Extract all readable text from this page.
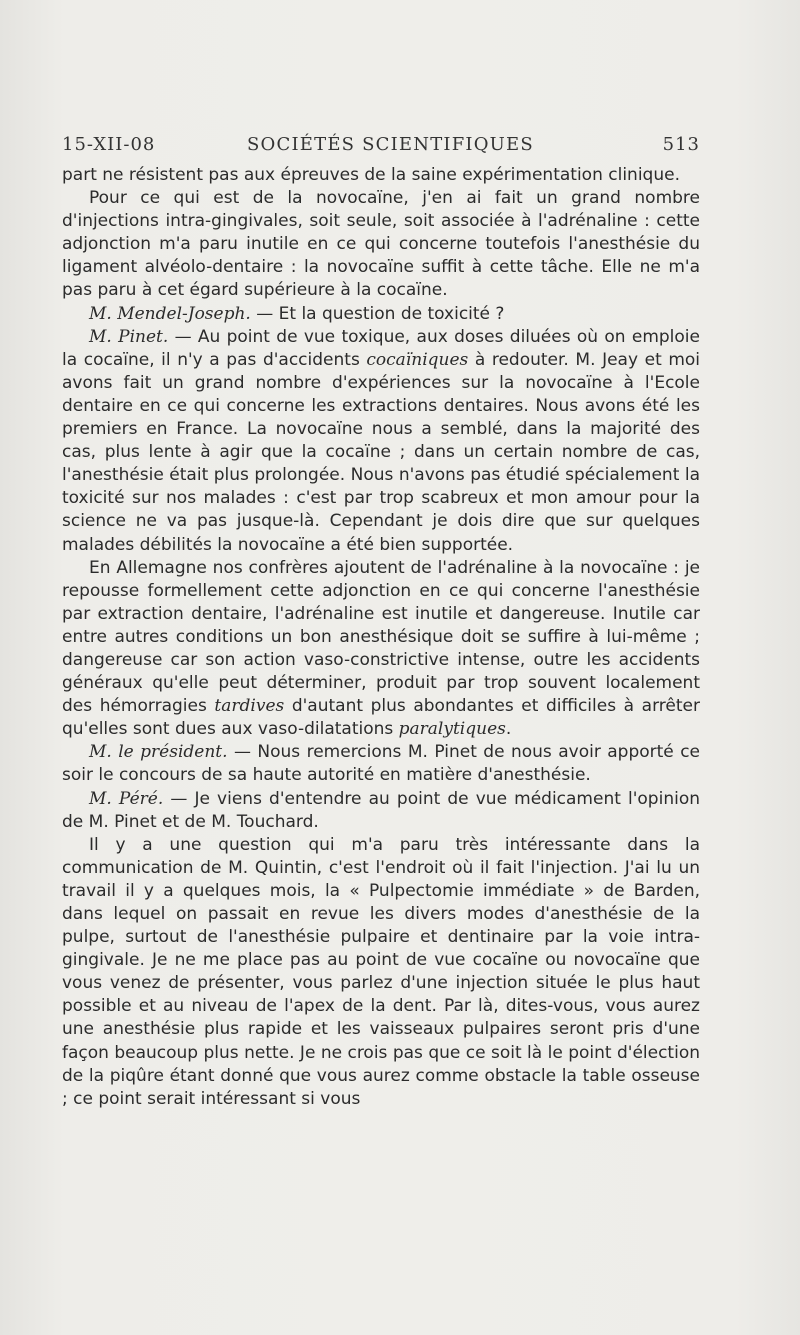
15-XII-08	SOCIÉTÉS SCIENTIFIQUES	513

part ne résistent pas aux épreuves de la saine expérimentation clinique.

Pour ce qui est de la novocaïne, j'en ai fait un grand nombre d'injections intra-gingivales, soit seule, soit associée à l'adrénaline : cette adjonction m'a paru inutile en ce qui concerne toutefois l'anesthésie du ligament alvéolo-dentaire : la novocaïne suffit à cette tâche. Elle ne m'a pas paru à cet égard supérieure à la cocaïne.

M. Mendel-Joseph. — Et la question de toxicité ?

M. Pinet. — Au point de vue toxique, aux doses diluées où on emploie la cocaïne, il n'y a pas d'accidents cocaïniques à redouter. M. Jeay et moi avons fait un grand nombre d'expériences sur la novocaïne à l'Ecole dentaire en ce qui concerne les extractions dentaires. Nous avons été les premiers en France. La novocaïne nous a semblé, dans la majorité des cas, plus lente à agir que la cocaïne ; dans un certain nombre de cas, l'anesthésie était plus prolongée. Nous n'avons pas étudié spécialement la toxicité sur nos malades : c'est par trop scabreux et mon amour pour la science ne va pas jusque-là. Cependant je dois dire que sur quelques malades débilités la novocaïne a été bien supportée.

En Allemagne nos confrères ajoutent de l'adrénaline à la novocaïne : je repousse formellement cette adjonction en ce qui concerne l'anesthésie par extraction dentaire, l'adrénaline est inutile et dangereuse. Inutile car entre autres conditions un bon anesthésique doit se suffire à lui-même ; dangereuse car son action vaso-constrictive intense, outre les accidents généraux qu'elle peut déterminer, produit par trop souvent localement des hémorragies tardives d'autant plus abondantes et difficiles à arrêter qu'elles sont dues aux vaso-dilatations paralytiques.

M. le président. — Nous remercions M. Pinet de nous avoir apporté ce soir le concours de sa haute autorité en matière d'anesthésie.

M. Péré. — Je viens d'entendre au point de vue médicament l'opinion de M. Pinet et de M. Touchard.

Il y a une question qui m'a paru très intéressante dans la communication de M. Quintin, c'est l'endroit où il fait l'injection. J'ai lu un travail il y a quelques mois, la « Pulpectomie immédiate » de Barden, dans lequel on passait en revue les divers modes d'anesthésie de la pulpe, surtout de l'anesthésie pulpaire et dentinaire par la voie intra-gingivale. Je ne me place pas au point de vue cocaïne ou novocaïne que vous venez de présenter, vous parlez d'une injection située le plus haut possible et au niveau de l'apex de la dent. Par là, dites-vous, vous aurez une anesthésie plus rapide et les vaisseaux pulpaires seront pris d'une façon beaucoup plus nette. Je ne crois pas que ce soit là le point d'élection de la piqûre étant donné que vous aurez comme obstacle la table osseuse ; ce point serait intéressant si vous
